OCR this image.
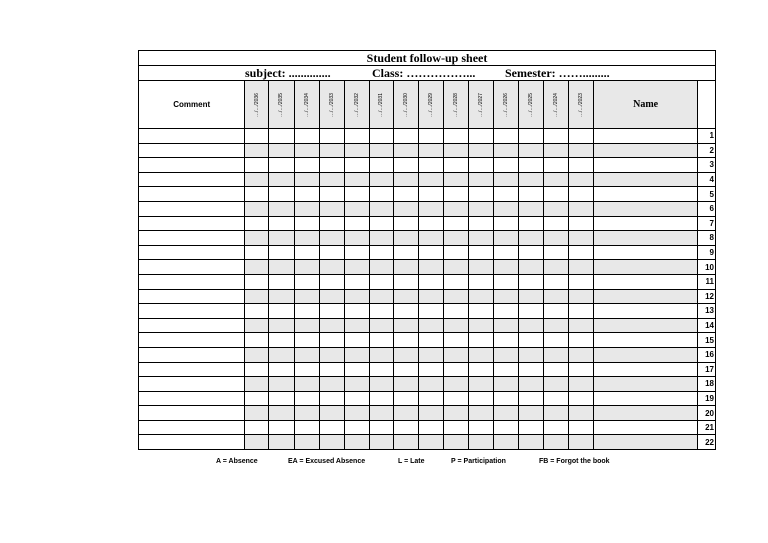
Student follow-up sheet																

subject: .............. Class: ……………... Semester: …….........																

Comment	…/…/2036	…/…/2035	…/…/2034	…/…/2033	…/…/2032	…/…/2031	…/…/2030	…/…/2029	…/…/2028	…/…/2027	…/…/2026	…/…/2025	…/…/2024	…/…/2023	Name	
																1
																2
																3
																4
																5
																6
																7
																8
																9
																10
																11
																12
																13
																14
																15
																16
																17
																18
																19
																20
																21
																22
A = Absence	EA = Excused Absence	L = Late	P = Participation	FB = Forgot the book
